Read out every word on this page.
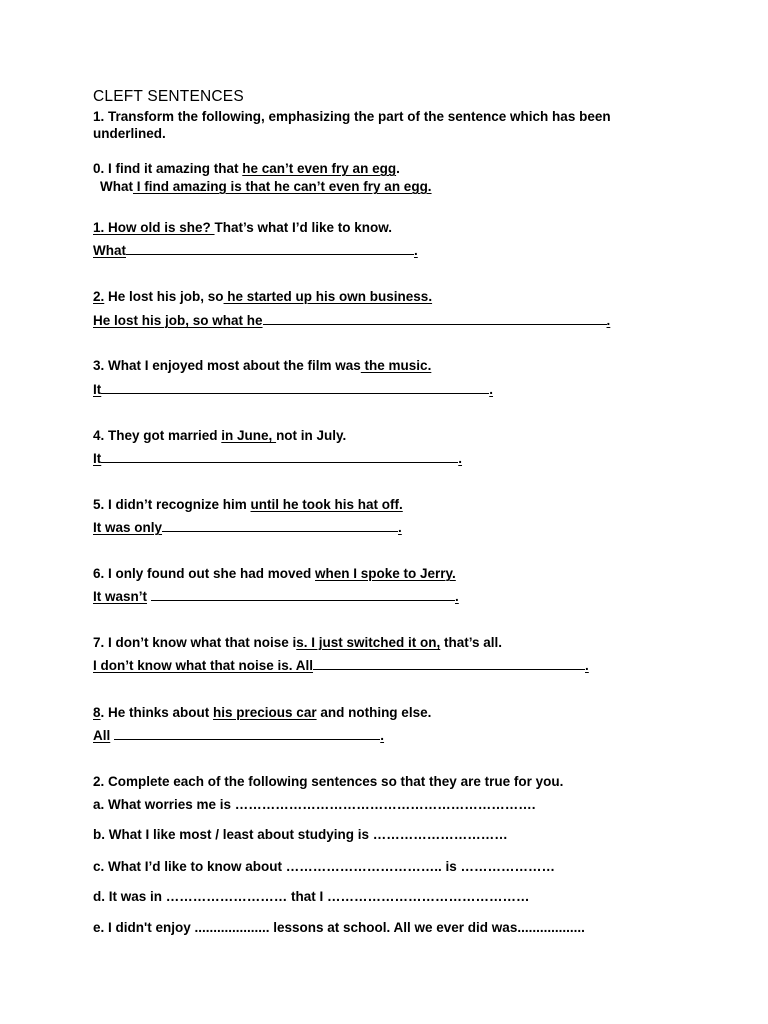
CLEFT SENTENCES
1. Transform the following, emphasizing the part of the sentence which has been underlined.
0. I find it amazing that he can’t even fry an egg.
What I find amazing is that he can’t even fry an egg.
1. How old is she? That’s what I’d like to know.
What	.
2. He lost his job, so he started up his own business.
He lost his job, so what he	.
3. What I enjoyed most about the film was the music.
It	.
4. They got married in June, not in July.
It	.
5. I didn’t recognize him until he took his hat off.
It was only	.
6. I only found out she had moved when I spoke to Jerry.
It wasn’t	.
7. I don’t know what that noise is. I just switched it on, that’s all.
I don’t know what that noise is. All	.
8. He thinks about his precious car and nothing else.
All	.
2. Complete each of the following sentences so that they are true for you.
a. What worries me is ………………………………………………………….
b. What I like most / least about studying is …………………………
c. What I’d like to know about …………………………….. is …………………
d. It was in ……………………… that I ………………………………………
e. I didn't enjoy .................... lessons at school. All we ever did was..................
